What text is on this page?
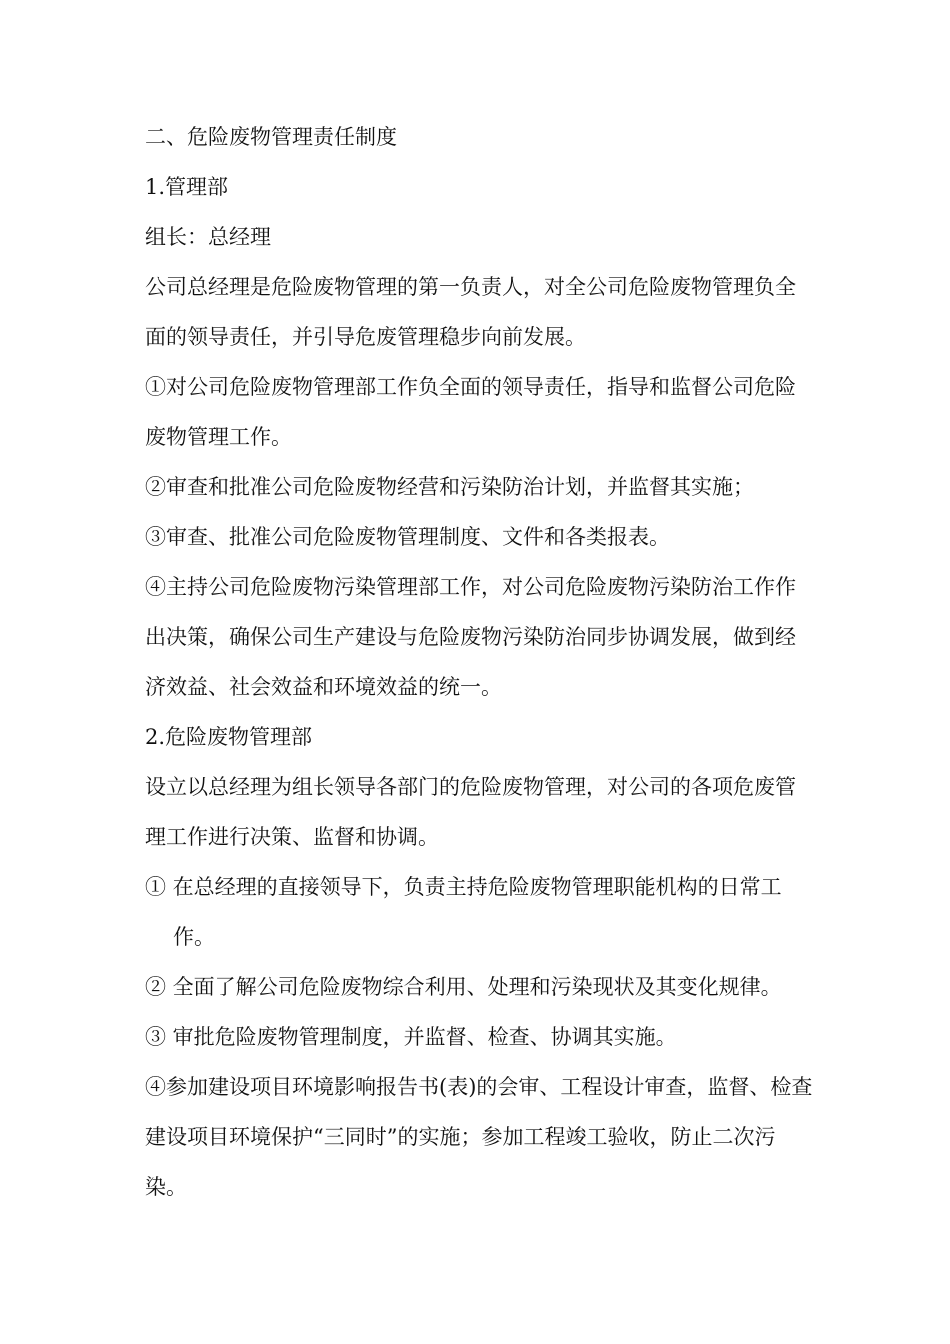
二、危险废物管理责任制度
1.管理部
组长：总经理
公司总经理是危险废物管理的第一负责人，对全公司危险废物管理负全面的领导责任，并引导危废管理稳步向前发展。
①对公司危险废物管理部工作负全面的领导责任，指导和监督公司危险废物管理工作。
②审查和批准公司危险废物经营和污染防治计划，并监督其实施；
③审查、批准公司危险废物管理制度、文件和各类报表。
④主持公司危险废物污染管理部工作，对公司危险废物污染防治工作作出决策，确保公司生产建设与危险废物污染防治同步协调发展，做到经济效益、社会效益和环境效益的统一。
2.危险废物管理部
设立以总经理为组长领导各部门的危险废物管理，对公司的各项危废管理工作进行决策、监督和协调。
① 在总经理的直接领导下，负责主持危险废物管理职能机构的日常工作。
② 全面了解公司危险废物综合利用、处理和污染现状及其变化规律。
③ 审批危险废物管理制度，并监督、检查、协调其实施。
④参加建设项目环境影响报告书(表)的会审、工程设计审查，监督、检查建设项目环境保护“三同时”的实施；参加工程竣工验收，防止二次污染。
